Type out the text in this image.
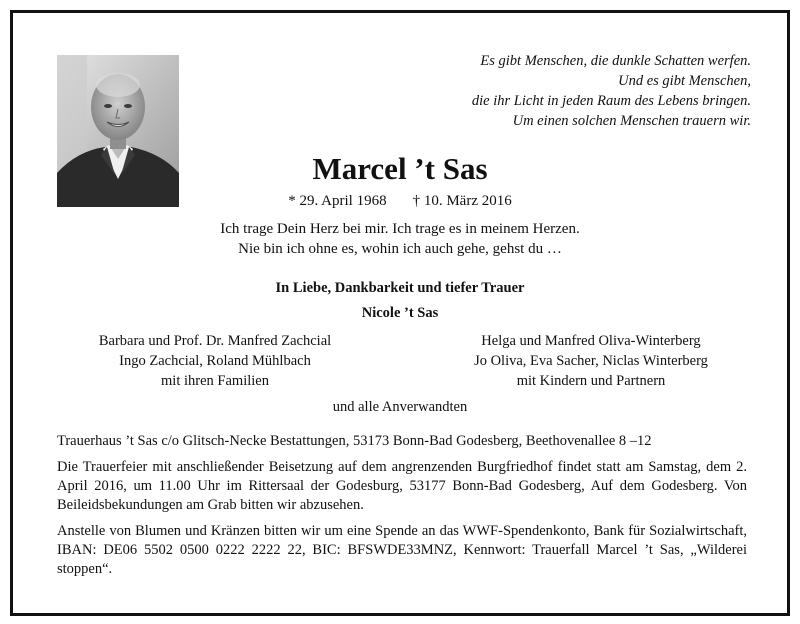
Es gibt Menschen, die dunkle Schatten werfen.
Und es gibt Menschen,
die ihr Licht in jeden Raum des Lebens bringen.
Um einen solchen Menschen trauern wir.
Marcel ’t Sas
* 29. April 1968 † 10. März 2016
Ich trage Dein Herz bei mir. Ich trage es in meinem Herzen.
Nie bin ich ohne es, wohin ich auch gehe, gehst du …
In Liebe, Dankbarkeit und tiefer Trauer
Nicole ’t Sas
Barbara und Prof. Dr. Manfred Zachcial
Ingo Zachcial, Roland Mühlbach
mit ihren Familien
Helga und Manfred Oliva-Winterberg
Jo Oliva, Eva Sacher, Niclas Winterberg
mit Kindern und Partnern
und alle Anverwandten
Trauerhaus ’t Sas c/o Glitsch-Necke Bestattungen, 53173 Bonn-Bad Godesberg, Beethovenallee 8 –12
Die Trauerfeier mit anschließender Beisetzung auf dem angrenzenden Burgfriedhof findet statt am Samstag, dem 2. April 2016, um 11.00 Uhr im Rittersaal der Godesburg, 53177 Bonn-Bad Godesberg, Auf dem Godesberg. Von Beileidsbekundungen am Grab bitten wir abzusehen.
Anstelle von Blumen und Kränzen bitten wir um eine Spende an das WWF-Spendenkonto, Bank für Sozialwirtschaft, IBAN: DE06 5502 0500 0222 2222 22, BIC: BFSWDE33MNZ, Kennwort: Trauerfall Marcel ’t Sas, „Wilderei stoppen“.
